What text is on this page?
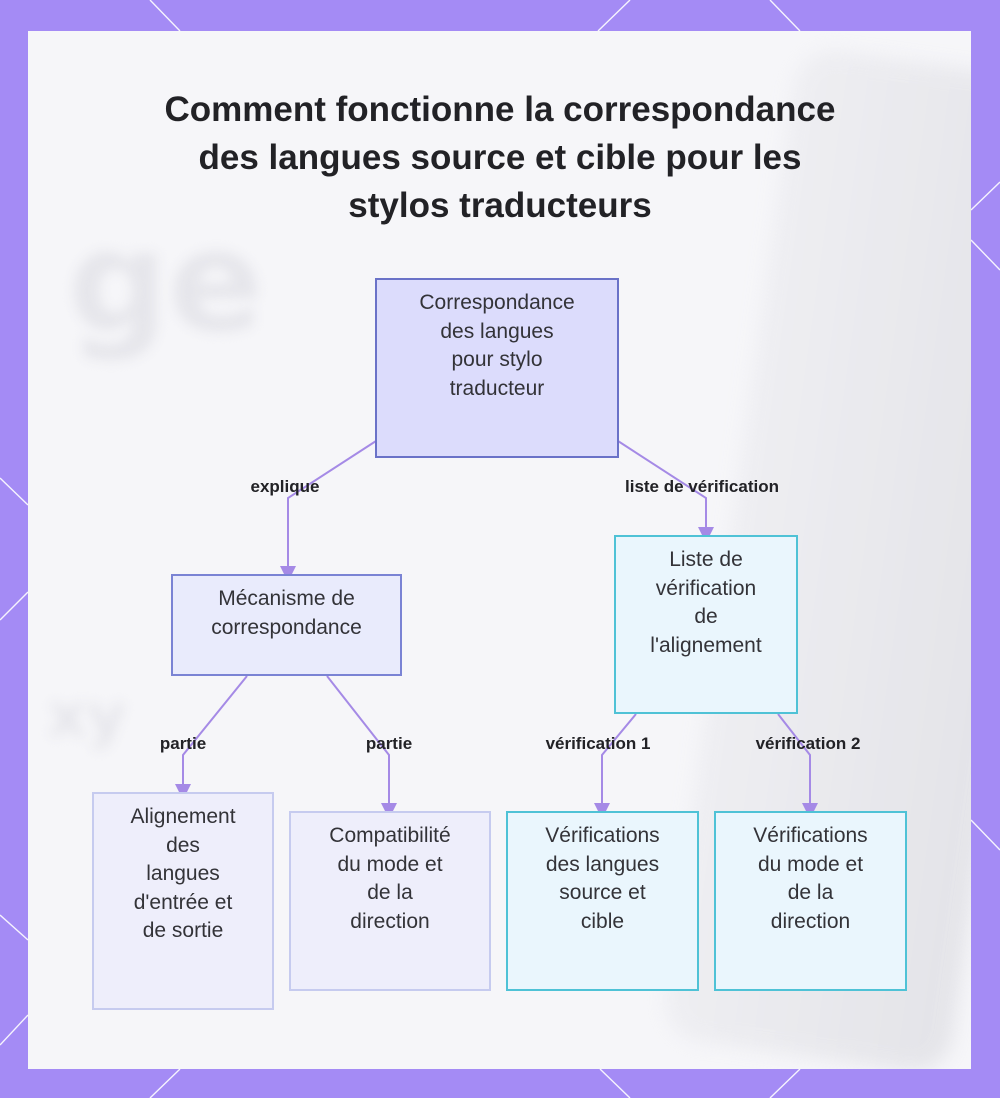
ge
xy
Comment fonctionne la correspondance
des langues source et cible pour les
stylos traducteurs
Correspondance
des langues
pour stylo
traducteur
Mécanisme de
correspondance
Liste de
vérification
de
l'alignement
Alignement
des
langues
d'entrée et
de sortie
Compatibilité
du mode et
de la
direction
Vérifications
des langues
source et
cible
Vérifications
du mode et
de la
direction
explique	liste de vérification
partie	partie	vérification 1	vérification 2
